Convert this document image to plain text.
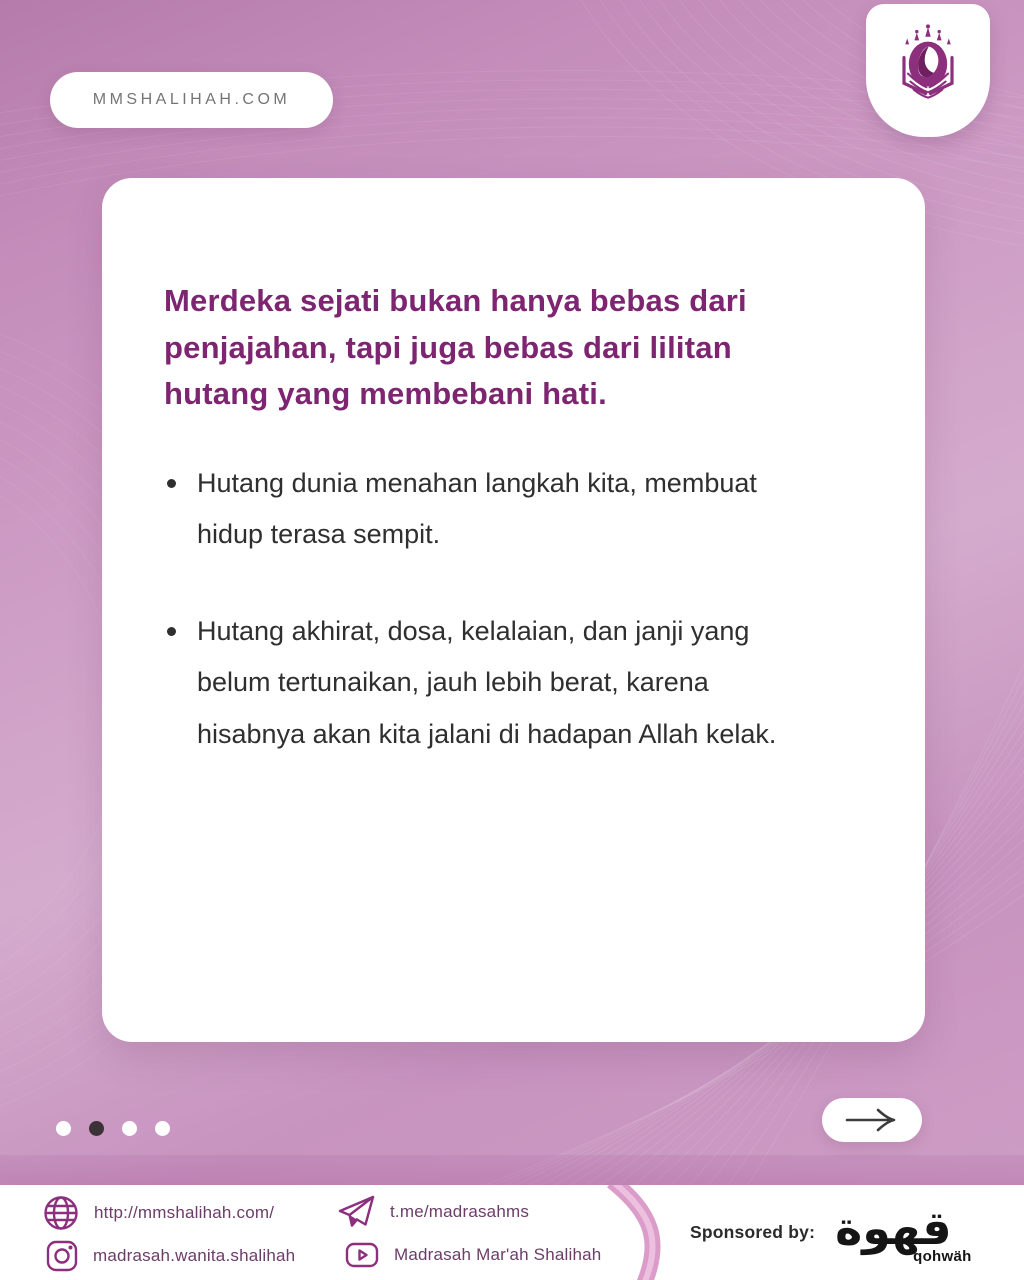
MMSHALIHAH.COM
Merdeka sejati bukan hanya bebas dari penjajahan, tapi juga bebas dari lilitan hutang yang membebani hati.
Hutang dunia menahan langkah kita, membuat hidup terasa sempit.
Hutang akhirat, dosa, kelalaian, dan janji yang belum tertunaikan, jauh lebih berat, karena hisabnya akan kita jalani di hadapan Allah kelak.
http://mmshalihah.com/
madrasah.wanita.shalihah
t.me/madrasahms
Madrasah Mar'ah Shalihah
Sponsored by: قهوة
qohwäh
